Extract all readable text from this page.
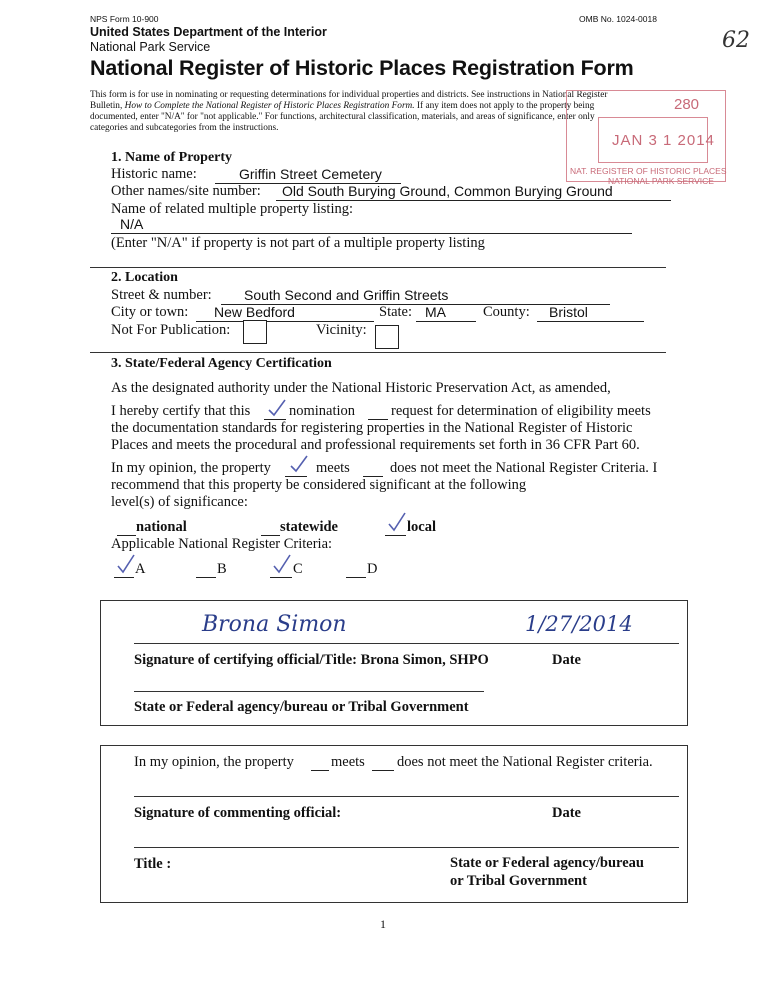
NPS Form 10-900	OMB No. 1024-0018
62
United States Department of the Interior
National Park Service
National Register of Historic Places Registration Form
This form is for use in nominating or requesting determinations for individual properties and districts. See instructions in National Register
Bulletin, How to Complete the National Register of Historic Places Registration Form. If any item does not apply to the property being
documented, enter "N/A" for "not applicable." For functions, architectural classification, materials, and areas of significance, enter only
categories and subcategories from the instructions.
280
JAN 3 1 2014
NAT. REGISTER OF HISTORIC PLACES
NATIONAL PARK SERVICE
1. Name of Property
Historic name:	Griffin Street Cemetery
Other names/site number: Old South Burying Ground, Common Burying Ground
Name of related multiple property listing:
N/A
(Enter "N/A" if property is not part of a multiple property listing
2. Location
Street & number: South Second and Griffin Streets
City or town: New Bedford	State: MA	County: Bristol
Not For Publication:	Vicinity:
3. State/Federal Agency Certification
As the designated authority under the National Historic Preservation Act, as amended,
I hereby certify that this	nomination request for determination of eligibility meets
the documentation standards for registering properties in the National Register of Historic
Places and meets the procedural and professional requirements set forth in 36 CFR Part 60.
In my opinion, the property	meets	does not meet the National Register Criteria. I
recommend that this property be considered significant at the following
level(s) of significance:
national	statewide	local
Applicable National Register Criteria:
A	B	C	D
Brona Simon	1/27/2014
Signature of certifying official/Title: Brona Simon, SHPO	Date
State or Federal agency/bureau or Tribal Government
In my opinion, the property	meets does not meet the National Register criteria.
Signature of commenting official:	Date
Title :	State or Federal agency/bureau
or Tribal Government
1
